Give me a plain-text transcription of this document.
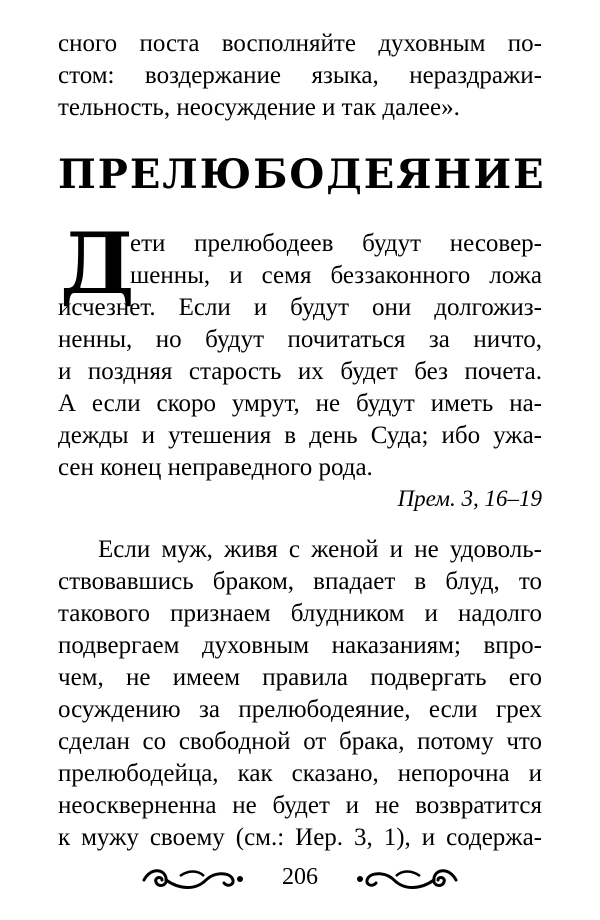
сного поста восполняйте духовным по-
стом: воздержание языка, нераздражи-
тельность, неосуждение и так далее».
ПРЕЛЮБОДЕЯНИЕ
Д
ети прелюбодеев будут несовер-
шенны, и семя беззаконного ложа
исчезнет. Если и будут они долгожиз-
ненны, но будут почитаться за ничто,
и поздняя старость их будет без почета.
А если скоро умрут, не будут иметь на-
дежды и утешения в день Суда; ибо ужа-
сен конец неправедного рода.
Прем. 3, 16–19
Если муж, живя с женой и не удоволь-
ствовавшись браком, впадает в блуд, то
такового признаем блудником и надолго
подвергаем духовным наказаниям; впро-
чем, не имеем правила подвергать его
осуждению за прелюбодеяние, если грех
сделан со свободной от брака, потому что
прелюбодейца, как сказано, непорочна и
неоскверненна не будет и не возвратится
к мужу своему (см.: Иер. 3, 1), и содержа-
206
